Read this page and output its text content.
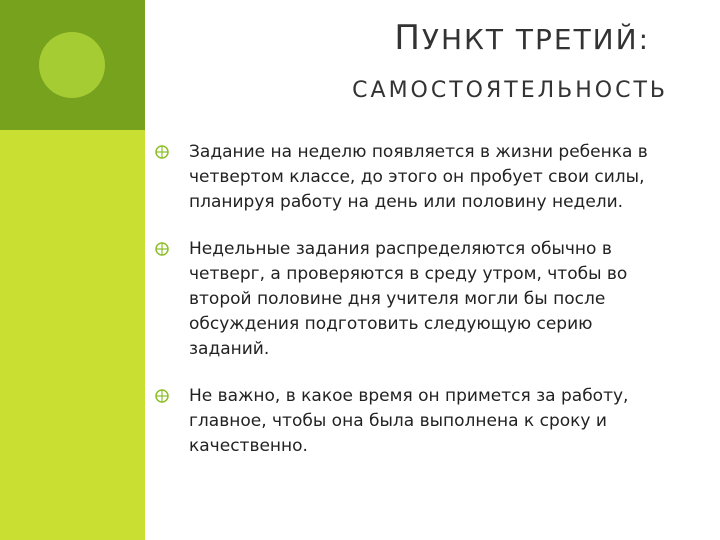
ПУНКТ ТРЕТИЙ:
САМОСТОЯТЕЛЬНОСТЬ
Задание на неделю появляется в жизни ребенка в четвертом классе, до этого он пробует свои силы, планируя работу на день или половину недели.
Недельные задания распределяются обычно в четверг, а проверяются в среду утром, чтобы во второй половине дня учителя могли бы после обсуждения подготовить следующую серию заданий.
Не важно, в какое время он примется за работу, главное, чтобы она была выполнена к сроку и качественно.
